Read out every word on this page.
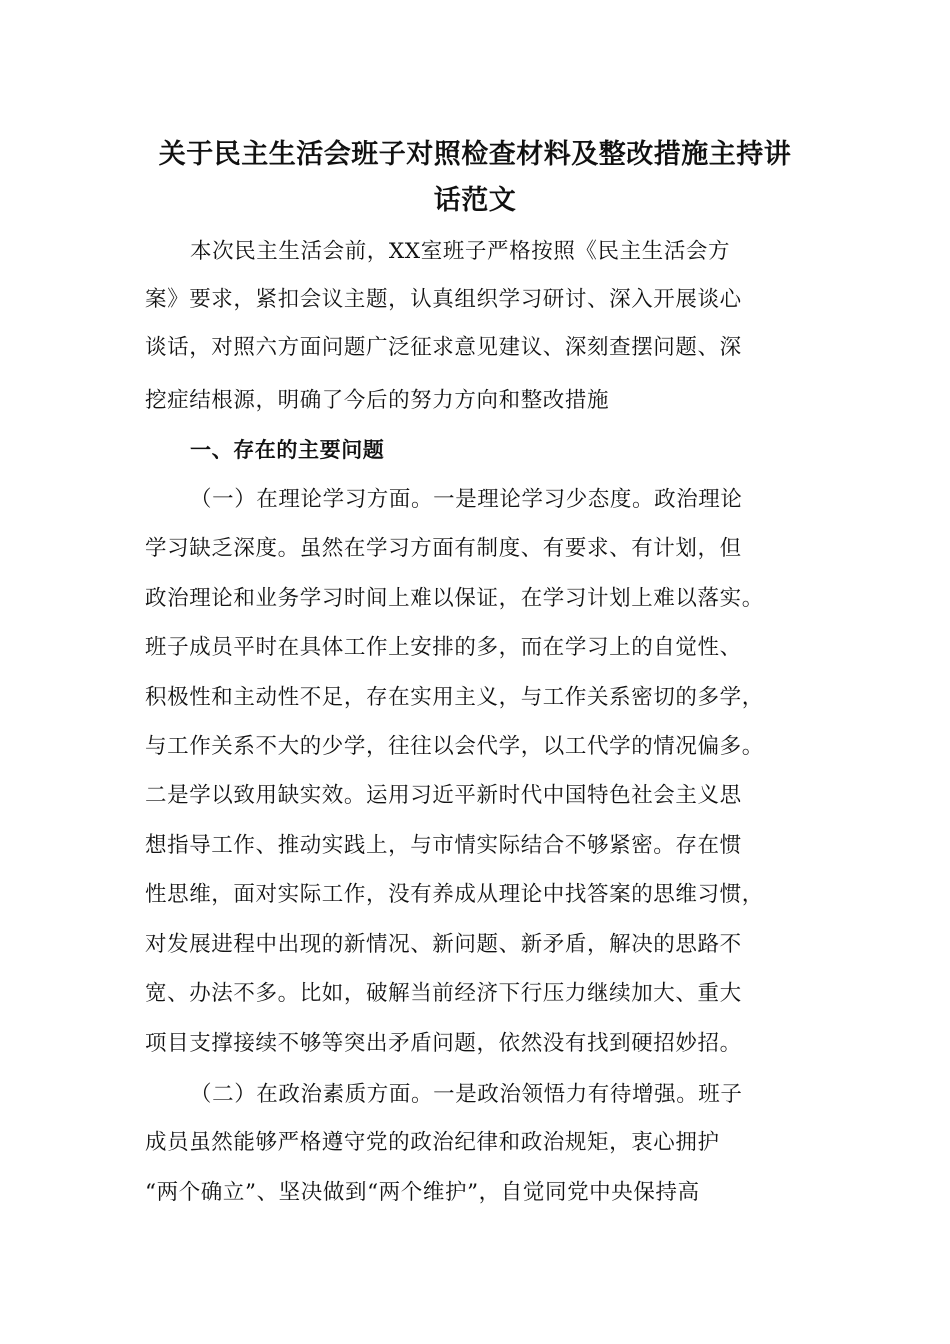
关于民主生活会班子对照检查材料及整改措施主持讲
话范文
本次民主生活会前，XX室班子严格按照《民主生活会方
案》要求，紧扣会议主题，认真组织学习研讨、深入开展谈心
谈话，对照六方面问题广泛征求意见建议、深刻查摆问题、深
挖症结根源，明确了今后的努力方向和整改措施
一、存在的主要问题
（一）在理论学习方面。一是理论学习少态度。政治理论
学习缺乏深度。虽然在学习方面有制度、有要求、有计划，但
政治理论和业务学习时间上难以保证，在学习计划上难以落实。
班子成员平时在具体工作上安排的多，而在学习上的自觉性、
积极性和主动性不足，存在实用主义，与工作关系密切的多学，
与工作关系不大的少学，往往以会代学，以工代学的情况偏多。
二是学以致用缺实效。运用习近平新时代中国特色社会主义思
想指导工作、推动实践上，与市情实际结合不够紧密。存在惯
性思维，面对实际工作，没有养成从理论中找答案的思维习惯，
对发展进程中出现的新情况、新问题、新矛盾，解决的思路不
宽、办法不多。比如，破解当前经济下行压力继续加大、重大
项目支撑接续不够等突出矛盾问题，依然没有找到硬招妙招。
（二）在政治素质方面。一是政治领悟力有待增强。班子
成员虽然能够严格遵守党的政治纪律和政治规矩，衷心拥护
“两个确立”、坚决做到“两个维护”，自觉同党中央保持高
